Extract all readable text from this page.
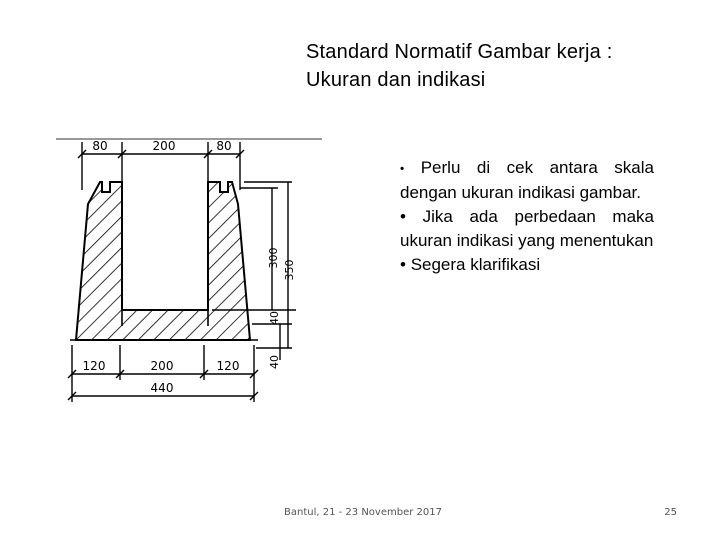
Standard Normatif Gambar kerja :
Ukuran dan indikasi
80	200	80
300
350
40
40
120	200	120
440

• Perlu di cek antara skala dengan ukuran indikasi gambar.

• Jika ada perbedaan maka ukuran indikasi yang menentukan

• Segera klarifikasi

Bantul, 21 - 23 November 2017	25
